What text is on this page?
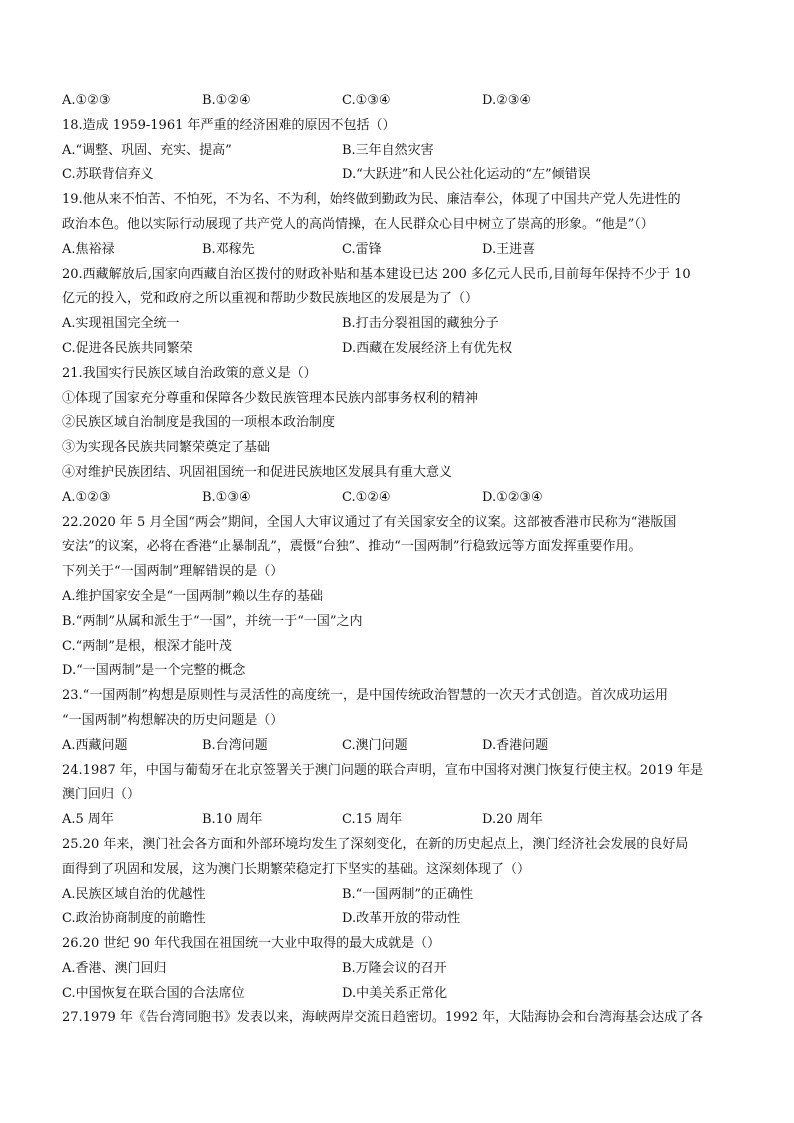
A.①②③	B.①②④	C.①③④	D.②③④
18.造成 1959-1961 年严重的经济困难的原因不包括（）
A.“调整、巩固、充实、提高”	B.三年自然灾害
C.苏联背信弃义	D.“大跃进”和人民公社化运动的“左”倾错误
19.他从来不怕苦、不怕死，不为名、不为利，始终做到勤政为民、廉洁奉公，体现了中国共产党人先进性的
政治本色。他以实际行动展现了共产党人的高尚情操，在人民群众心目中树立了崇高的形象。“他是”（）
A.焦裕禄	B.邓稼先	C.雷锋	D.王进喜
20.西藏解放后,国家向西藏自治区拨付的财政补贴和基本建设已达 200 多亿元人民币,目前每年保持不少于 10
亿元的投入，党和政府之所以重视和帮助少数民族地区的发展是为了（）
A.实现祖国完全统一	B.打击分裂祖国的藏独分子
C.促进各民族共同繁荣	D.西藏在发展经济上有优先权
21.我国实行民族区域自治政策的意义是（）
①体现了国家充分尊重和保障各少数民族管理本民族内部事务权利的精神
②民族区域自治制度是我国的一项根本政治制度
③为实现各民族共同繁荣奠定了基础
④对维护民族团结、巩固祖国统一和促进民族地区发展具有重大意义
A.①②③	B.①③④	C.①②④	D.①②③④
22.2020 年 5 月全国“两会”期间，全国人大审议通过了有关国家安全的议案。这部被香港市民称为“港版国
安法”的议案，必将在香港“止暴制乱”，震慑“台独”、推动“一国两制”行稳致远等方面发挥重要作用。
下列关于“一国两制”理解错误的是（）
A.维护国家安全是“一国两制”赖以生存的基础
B.“两制”从属和派生于“一国”，并统一于“一国”之内
C.“两制”是根，根深才能叶茂
D.“一国两制”是一个完整的概念
23.“一国两制”构想是原则性与灵活性的高度统一，是中国传统政治智慧的一次天才式创造。首次成功运用
“一国两制”构想解决的历史问题是（）
A.西藏问题	B.台湾问题	C.澳门问题	D.香港问题
24.1987 年，中国与葡萄牙在北京签署关于澳门问题的联合声明，宣布中国将对澳门恢复行使主权。2019 年是
澳门回归（）
A.5 周年	B.10 周年	C.15 周年	D.20 周年
25.20 年来，澳门社会各方面和外部环境均发生了深刻变化，在新的历史起点上，澳门经济社会发展的良好局
面得到了巩固和发展，这为澳门长期繁荣稳定打下坚实的基础。这深刻体现了（）
A.民族区域自治的优越性	B.“一国两制”的正确性
C.政治协商制度的前瞻性	D.改革开放的带动性
26.20 世纪 90 年代我国在祖国统一大业中取得的最大成就是（）
A.香港、澳门回归	B.万隆会议的召开
C.中国恢复在联合国的合法席位	D.中美关系正常化
27.1979 年《告台湾同胞书》发表以来，海峡两岸交流日趋密切。1992 年，大陆海协会和台湾海基会达成了各
